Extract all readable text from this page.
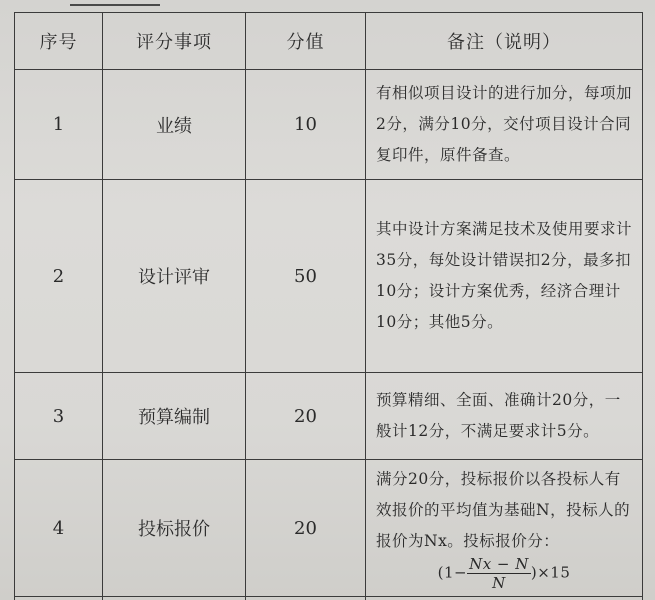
序号	评分事项	分值	备注（说明）
1	业绩	10	有相似项目设计的进行加分，每项加2分，满分10分，交付项目设计合同复印件，原件备查。
2	设计评审	50	其中设计方案满足技术及使用要求计35分，每处设计错误扣2分，最多扣10分；设计方案优秀，经济合理计10分；其他5分。
3	预算编制	20	预算精细、全面、准确计20分，一般计12分，不满足要求计5分。
4	投标报价	20	满分20分，投标报价以各投标人有效报价的平均值为基础N，投标人的报价为Nx。投标报价分：
$(1- \frac{Nx - N}{N} )\times 15$
